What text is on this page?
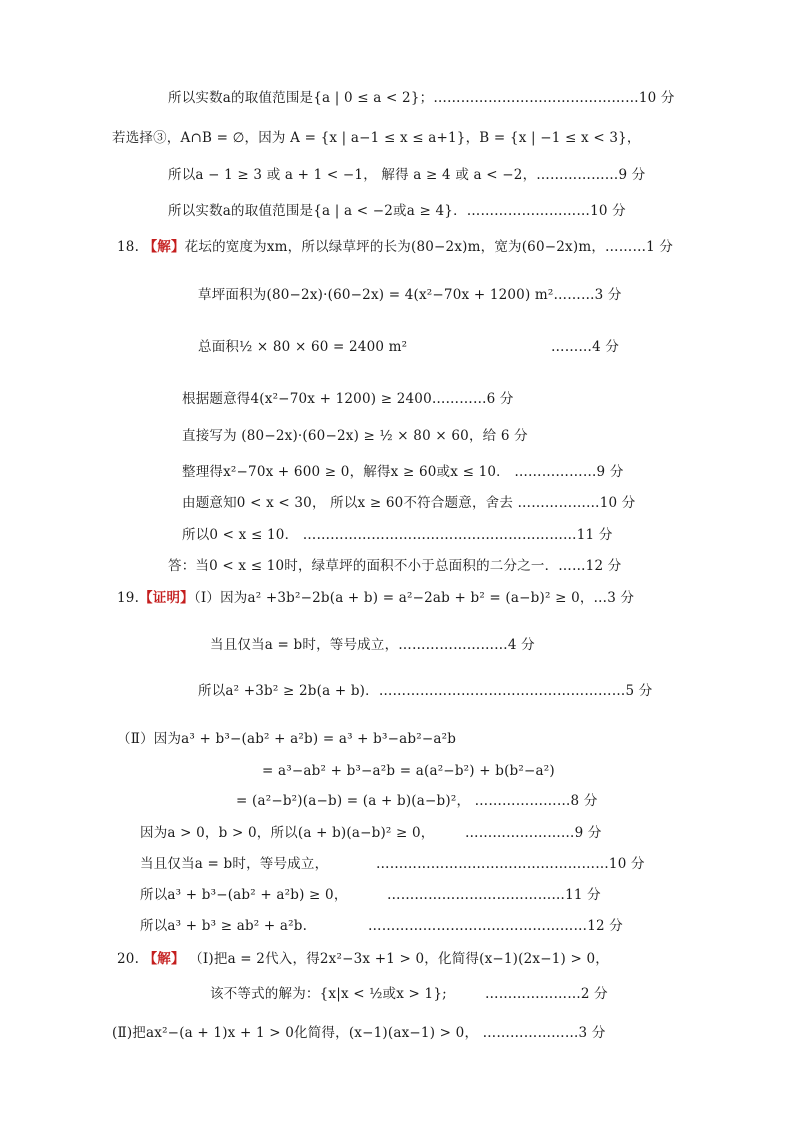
所以实数a的取值范围是{a | 0 ≤ a < 2}；………………………………………10 分
若选择③，A∩B = ∅，因为 A = {x | a−1 ≤ x ≤ a+1}，B = {x | −1 ≤ x < 3}，
所以a − 1 ≥ 3 或 a + 1 < −1， 解得 a ≥ 4 或 a < −2，………………9 分
所以实数a的取值范围是{a | a < −2或a ≥ 4}．………………………10 分
18. 【解】花坛的宽度为xm，所以绿草坪的长为(80−2x)m，宽为(60−2x)m，………1 分
草坪面积为(80−2x)·(60−2x) = 4(x²−70x + 1200) m²………3 分
总面积½ × 80 × 60 = 2400 m²	………4 分
根据题意得4(x²−70x + 1200) ≥ 2400…………6 分
直接写为 (80−2x)·(60−2x) ≥ ½ × 80 × 60，给 6 分
整理得x²−70x + 600 ≥ 0，解得x ≥ 60或x ≤ 10． ………………9 分
由题意知0 < x < 30， 所以x ≥ 60不符合题意，舍去 ………………10 分
所以0 < x ≤ 10． ……………………………………………………11 分
答：当0 < x ≤ 10时，绿草坪的面积不小于总面积的二分之一．……12 分
19.【证明】（Ⅰ）因为a² +3b²−2b(a + b) = a²−2ab + b² = (a−b)² ≥ 0，…3 分
当且仅当a = b时，等号成立，……………………4 分
所以a² +3b² ≥ 2b(a + b)．………………………………………………5 分
（Ⅱ）因为a³ + b³−(ab² + a²b) = a³ + b³−ab²−a²b
= a³−ab² + b³−a²b = a(a²−b²) + b(b²−a²)
= (a²−b²)(a−b) = (a + b)(a−b)²， …………………8 分
因为a > 0，b > 0，所以(a + b)(a−b)² ≥ 0， ……………………9 分
当且仅当a = b时，等号成立，	……………………………………………10 分
所以a³ + b³−(ab² + a²b) ≥ 0，	…………………………………11 分
所以a³ + b³ ≥ ab² + a²b.	…………………………………………12 分
20. 【解】 （Ⅰ)把a = 2代入，得2x²−3x +1 > 0，化简得(x−1)(2x−1) > 0，
该不等式的解为：{x|x < ½或x > 1};	…………………2 分
(Ⅱ)把ax²−(a + 1)x + 1 > 0化简得，(x−1)(ax−1) > 0， …………………3 分
